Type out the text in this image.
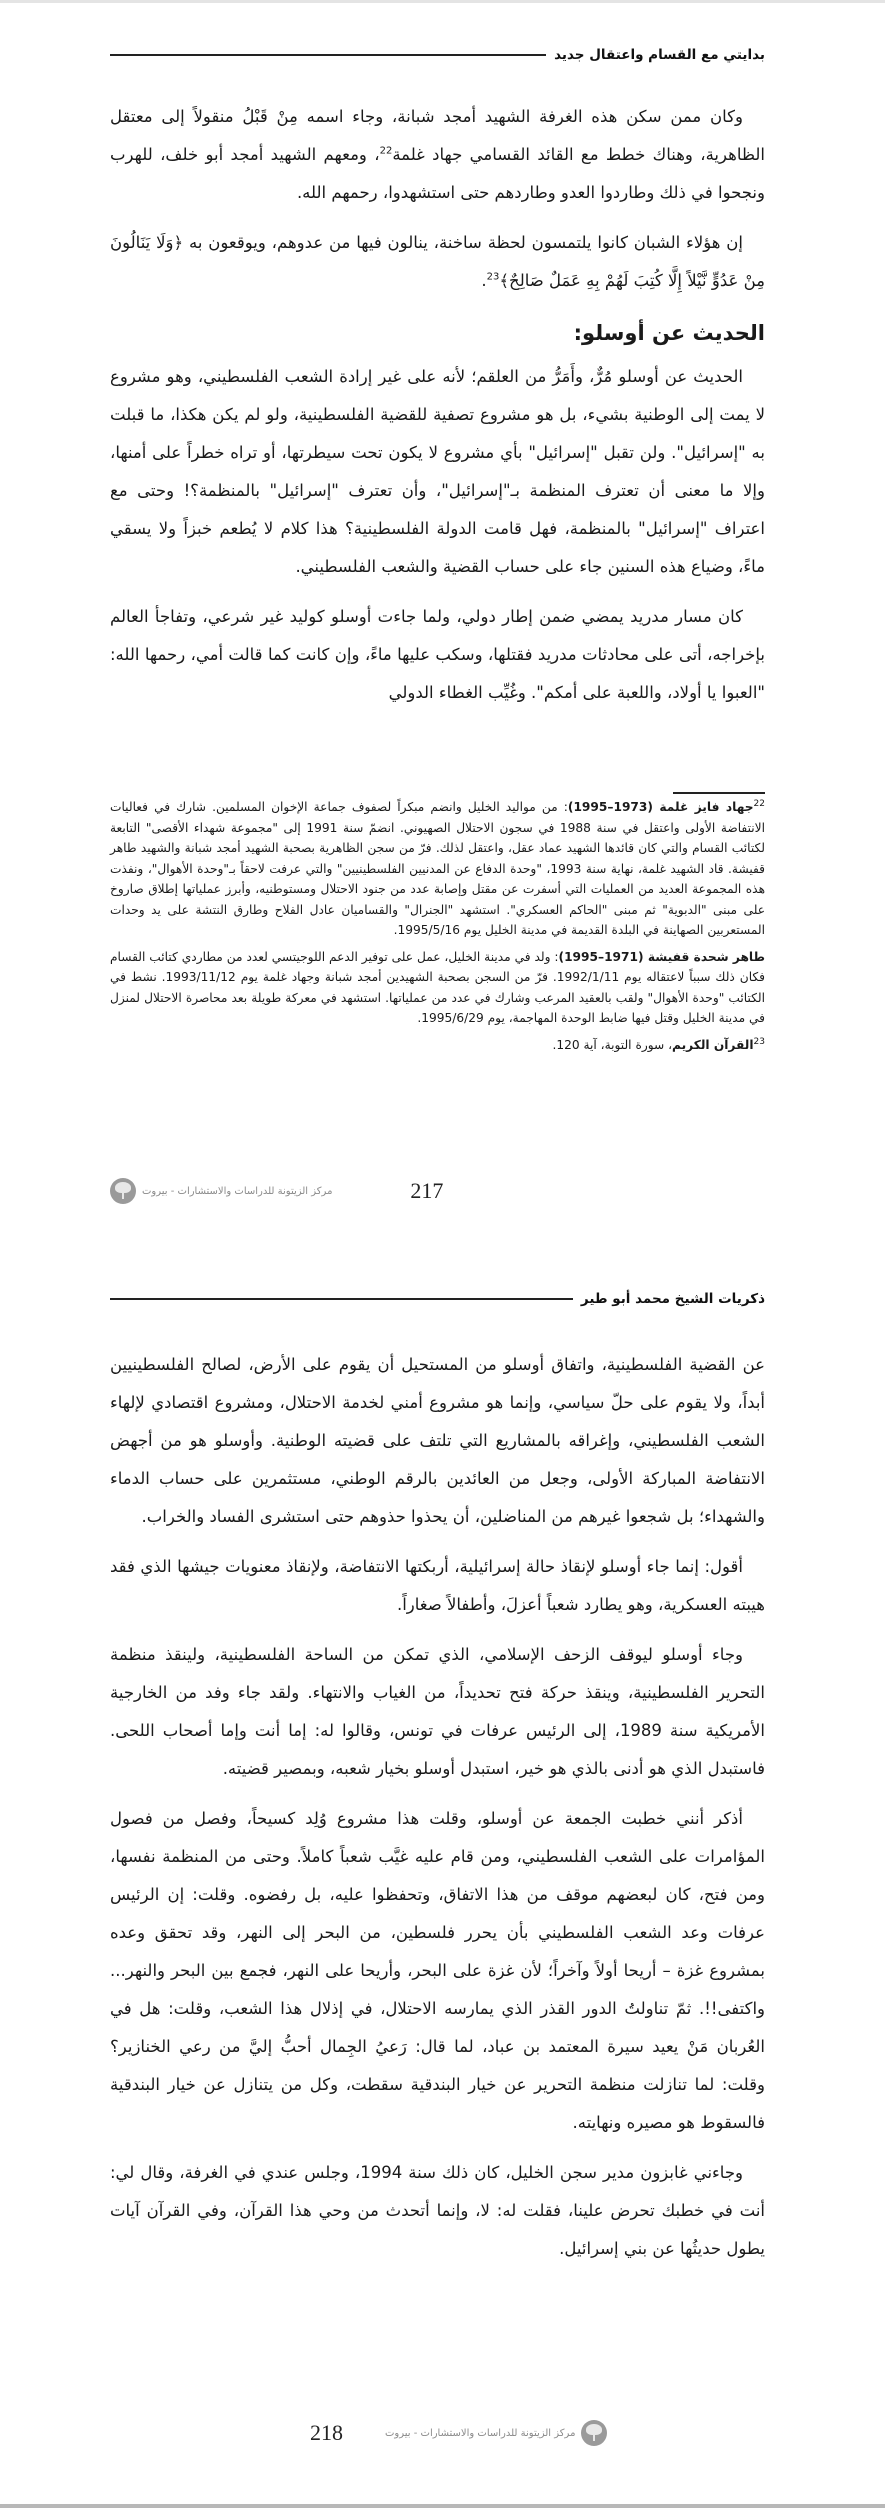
بدايتي مع القسام واعتقال جديد

وكان ممن سكن هذه الغرفة الشهيد أمجد شبانة، وجاء اسمه مِنْ قَبْلُ منقولاً إلى معتقل الظاهرية، وهناك خطط مع القائد القسامي جهاد غلمة$^{22}$، ومعهم الشهيد أمجد أبو خلف، للهرب ونجحوا في ذلك وطاردوا العدو وطاردهم حتى استشهدوا، رحمهم الله.

إن هؤلاء الشبان كانوا يلتمسون لحظة ساخنة، ينالون فيها من عدوهم، ويوقعون به ﴿وَلَا يَنَالُونَ مِنْ عَدُوٍّ نَّيْلاً إِلَّا كُتِبَ لَهُمْ بِهِ عَمَلٌ صَالِحٌ﴾$^{23}$.

الحديث عن أوسلو:

الحديث عن أوسلو مُرٌّ، وأَمَرُّ من العلقم؛ لأنه على غير إرادة الشعب الفلسطيني، وهو مشروع لا يمت إلى الوطنية بشيء، بل هو مشروع تصفية للقضية الفلسطينية، ولو لم يكن هكذا، ما قبلت به "إسرائيل". ولن تقبل "إسرائيل" بأي مشروع لا يكون تحت سيطرتها، أو تراه خطراً على أمنها، وإلا ما معنى أن تعترف المنظمة بـ"إسرائيل"، وأن تعترف "إسرائيل" بالمنظمة؟! وحتى مع اعتراف "إسرائيل" بالمنظمة، فهل قامت الدولة الفلسطينية؟ هذا كلام لا يُطعم خبزاً ولا يسقي ماءً، وضياع هذه السنين جاء على حساب القضية والشعب الفلسطيني.

كان مسار مدريد يمضي ضمن إطار دولي، ولما جاءت أوسلو كوليد غير شرعي، وتفاجأ العالم بإخراجه، أتى على محادثات مدريد فقتلها، وسكب عليها ماءً، وإن كانت كما قالت أمي، رحمها الله: "العبوا يا أولاد، واللعبة على أمكم". وغُيِّب الغطاء الدولي

$^{22}$جهاد فايز غلمة (1973–1995): من مواليد الخليل وانضم مبكراً لصفوف جماعة الإخوان المسلمين. شارك في فعاليات الانتفاضة الأولى واعتقل في سنة 1988 في سجون الاحتلال الصهيوني. انضمّ سنة 1991 إلى "مجموعة شهداء الأقصى" التابعة لكتائب القسام والتي كان قائدها الشهيد عماد عقل، واعتقل لذلك. فرّ من سجن الظاهرية بصحبة الشهيد أمجد شبانة والشهيد طاهر قفيشة. قاد الشهيد غلمة، نهاية سنة 1993، "وحدة الدفاع عن المدنيين الفلسطينيين" والتي عرفت لاحقاً بـ"وحدة الأهوال"، ونفذت هذه المجموعة العديد من العمليات التي أسفرت عن مقتل وإصابة عدد من جنود الاحتلال ومستوطنيه، وأبرز عملياتها إطلاق صاروخ على مبنى "الدبوية" ثم مبنى "الحاكم العسكري". استشهد "الجنرال" والقساميان عادل الفلاح وطارق النتشة على يد وحدات المستعربين الصهاينة في البلدة القديمة في مدينة الخليل يوم 1995/5/16.

طاهر شحدة قفيشة (1971–1995): ولد في مدينة الخليل، عمل على توفير الدعم اللوجيتسي لعدد من مطاردي كتائب القسام فكان ذلك سبباً لاعتقاله يوم 1992/1/11. فرّ من السجن بصحبة الشهيدين أمجد شبانة وجهاد غلمة يوم 1993/11/12. نشط في الكتائب "وحدة الأهوال" ولقب بالعقيد المرعب وشارك في عدد من عملياتها. استشهد في معركة طويلة بعد محاصرة الاحتلال لمنزل في مدينة الخليل وقتل فيها ضابط الوحدة المهاجمة، يوم 1995/6/29.

$^{23}$القرآن الكريم، سورة التوبة، آية 120.

مركز الزيتونة للدراسات والاستشارات - بيروت	217
ذكريات الشيخ محمد أبو طير

عن القضية الفلسطينية، واتفاق أوسلو من المستحيل أن يقوم على الأرض، لصالح الفلسطينيين أبداً، ولا يقوم على حلّ سياسي، وإنما هو مشروع أمني لخدمة الاحتلال، ومشروع اقتصادي لإلهاء الشعب الفلسطيني، وإغراقه بالمشاريع التي تلتف على قضيته الوطنية. وأوسلو هو من أجهض الانتفاضة المباركة الأولى، وجعل من العائدين بالرقم الوطني، مستثمرين على حساب الدماء والشهداء؛ بل شجعوا غيرهم من المناضلين، أن يحذوا حذوهم حتى استشرى الفساد والخراب.

أقول: إنما جاء أوسلو لإنقاذ حالة إسرائيلية، أربكتها الانتفاضة، ولإنقاذ معنويات جيشها الذي فقد هيبته العسكرية، وهو يطارد شعباً أعزلَ، وأطفالاً صغاراً.

وجاء أوسلو ليوقف الزحف الإسلامي، الذي تمكن من الساحة الفلسطينية، ولينقذ منظمة التحرير الفلسطينية، وينقذ حركة فتح تحديداً، من الغياب والانتهاء. ولقد جاء وفد من الخارجية الأمريكية سنة 1989، إلى الرئيس عرفات في تونس، وقالوا له: إما أنت وإما أصحاب اللحى. فاستبدل الذي هو أدنى بالذي هو خير، استبدل أوسلو بخيار شعبه، وبمصير قضيته.

أذكر أنني خطبت الجمعة عن أوسلو، وقلت هذا مشروع وُلِد كسيحاً، وفصل من فصول المؤامرات على الشعب الفلسطيني، ومن قام عليه غيَّب شعباً كاملاً. وحتى من المنظمة نفسها، ومن فتح، كان لبعضهم موقف من هذا الاتفاق، وتحفظوا عليه، بل رفضوه. وقلت: إن الرئيس عرفات وعد الشعب الفلسطيني بأن يحرر فلسطين، من البحر إلى النهر، وقد تحقق وعده بمشروع غزة – أريحا أولاً وآخراً؛ لأن غزة على البحر، وأريحا على النهر، فجمع بين البحر والنهر... واكتفى!!. ثمّ تناولتُ الدور القذر الذي يمارسه الاحتلال، في إذلال هذا الشعب، وقلت: هل في العُربان مَنْ يعيد سيرة المعتمد بن عباد، لما قال: رَعيُ الجِمال أحبُّ إليَّ من رعي الخنازير؟ وقلت: لما تنازلت منظمة التحرير عن خيار البندقية سقطت، وكل من يتنازل عن خيار البندقية فالسقوط هو مصيره ونهايته.

وجاءني غابزون مدير سجن الخليل، كان ذلك سنة 1994، وجلس عندي في الغرفة، وقال لي: أنت في خطبك تحرض علينا، فقلت له: لا، وإنما أتحدث من وحي هذا القرآن، وفي القرآن آيات يطول حديثُها عن بني إسرائيل.

218	مركز الزيتونة للدراسات والاستشارات - بيروت
